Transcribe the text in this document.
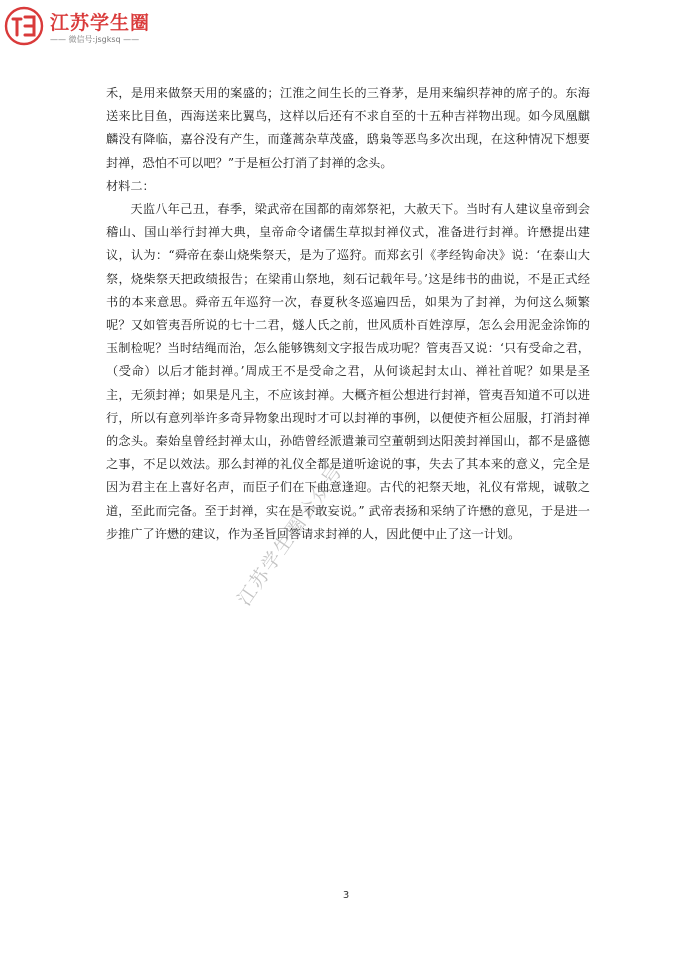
江苏学生圈
—— 微信号:jsgksq ——

禾，是用来做祭天用的案盛的；江淮之间生长的三脊茅，是用来编织荐神的席子的。东海送来比目鱼，西海送来比翼鸟，这样以后还有不求自至的十五种吉祥物出现。如今凤凰麒麟没有降临，嘉谷没有产生，而蓬蒿杂草茂盛，鸱枭等恶鸟多次出现，在这种情况下想要封禅，恐怕不可以吧？”于是桓公打消了封禅的念头。

材料二：

天监八年己丑，春季，梁武帝在国都的南郊祭祀，大赦天下。当时有人建议皇帝到会稽山、国山举行封禅大典，皇帝命令诸儒生草拟封禅仪式，准备进行封禅。许懋提出建议，认为：“舜帝在泰山烧柴祭天，是为了巡狩。而郑玄引《孝经钩命决》说：‘在泰山大祭，烧柴祭天把政绩报告；在梁甫山祭地，刻石记载年号。’这是纬书的曲说，不是正式经书的本来意思。舜帝五年巡狩一次，春夏秋冬巡遍四岳，如果为了封禅，为何这么频繁呢？又如管夷吾所说的七十二君，燧人氏之前，世风质朴百姓淳厚，怎么会用泥金涂饰的玉制检呢？当时结绳而治，怎么能够镌刻文字报告成功呢？管夷吾又说：‘只有受命之君，（受命）以后才能封禅。’周成王不是受命之君，从何谈起封太山、禅社首呢？如果是圣主，无须封禅；如果是凡主，不应该封禅。大概齐桓公想进行封禅，管夷吾知道不可以进行，所以有意列举许多奇异物象出现时才可以封禅的事例，以便使齐桓公屈服，打消封禅的念头。秦始皇曾经封禅太山，孙皓曾经派遣兼司空董朝到达阳羡封禅国山，都不是盛德之事，不足以效法。那么封禅的礼仪全都是道听途说的事，失去了其本来的意义，完全是因为君主在上喜好名声，而臣子们在下曲意逢迎。古代的祀祭天地，礼仪有常规，诚敬之道，至此而完备。至于封禅，实在是不敢妄说。” 武帝表扬和采纳了许懋的意见，于是进一步推广了许懋的建议，作为圣旨回答请求封禅的人，因此便中止了这一计划。

江苏学生圈公众号
3
